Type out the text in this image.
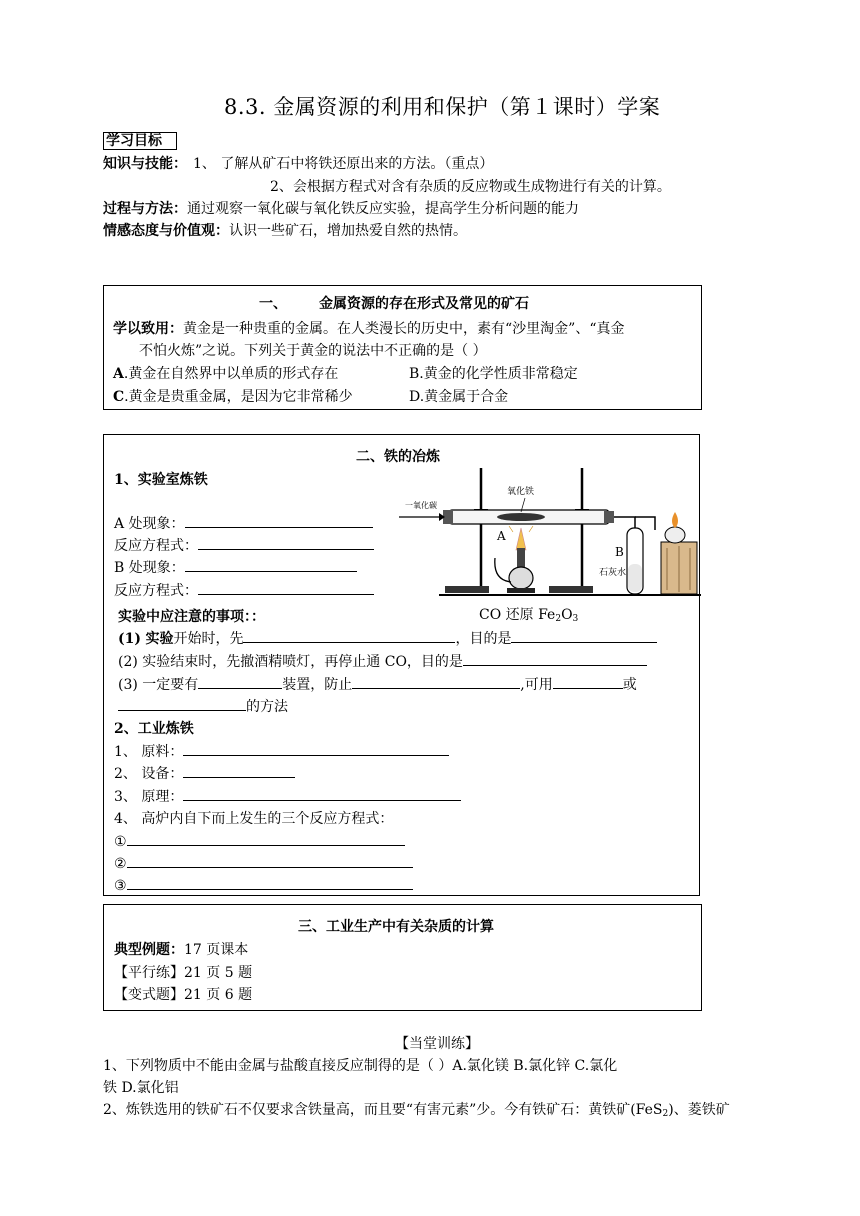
8.3. 金属资源的利用和保护（第１课时）学案
学习目标
知识与技能： 1、 了解从矿石中将铁还原出来的方法。（重点）
2、会根据方程式对含有杂质的反应物或生成物进行有关的计算。
过程与方法：通过观察一氧化碳与氧化铁反应实验，提高学生分析问题的能力
情感态度与价值观：认识一些矿石，增加热爱自然的热情。
一、 金属资源的存在形式及常见的矿石
学以致用：黄金是一种贵重的金属。在人类漫长的历史中，素有“沙里淘金”、“真金
不怕火炼”之说。下列关于黄金的说法中不正确的是（ ）
A.黄金在自然界中以单质的形式存在	B.黄金的化学性质非常稳定
C.黄金是贵重金属，是因为它非常稀少	D.黄金属于合金
二、铁的冶炼
1、实验室炼铁
A 处现象：
反应方程式：
B 处现象：
反应方程式：
一氧化碳
氧化铁
A
B
石灰水
CO 还原 $Fe_2O_3$
实验中应注意的事项：：
(1) 实验开始时，先	，目的是
(2) 实验结束时，先撤酒精喷灯，再停止通 CO，目的是
(3) 一定要有	装置，防止	,可用	或
的方法
2、工业炼铁
1、 原料：
2、 设备：
3、 原理：
4、 高炉内自下而上发生的三个反应方程式：
①
②
③
三、工业生产中有关杂质的计算
典型例题：17 页课本
【平行练】21 页 5 题
【变式题】21 页 6 题
【当堂训练】
1、下列物质中不能由金属与盐酸直接反应制得的是（ ）A.氯化镁 B.氯化锌 C.氯化
铁 D.氯化铝
2、炼铁选用的铁矿石不仅要求含铁量高，而且要“有害元素”少。今有铁矿石：黄铁矿(FeS$_2$)、菱铁矿
